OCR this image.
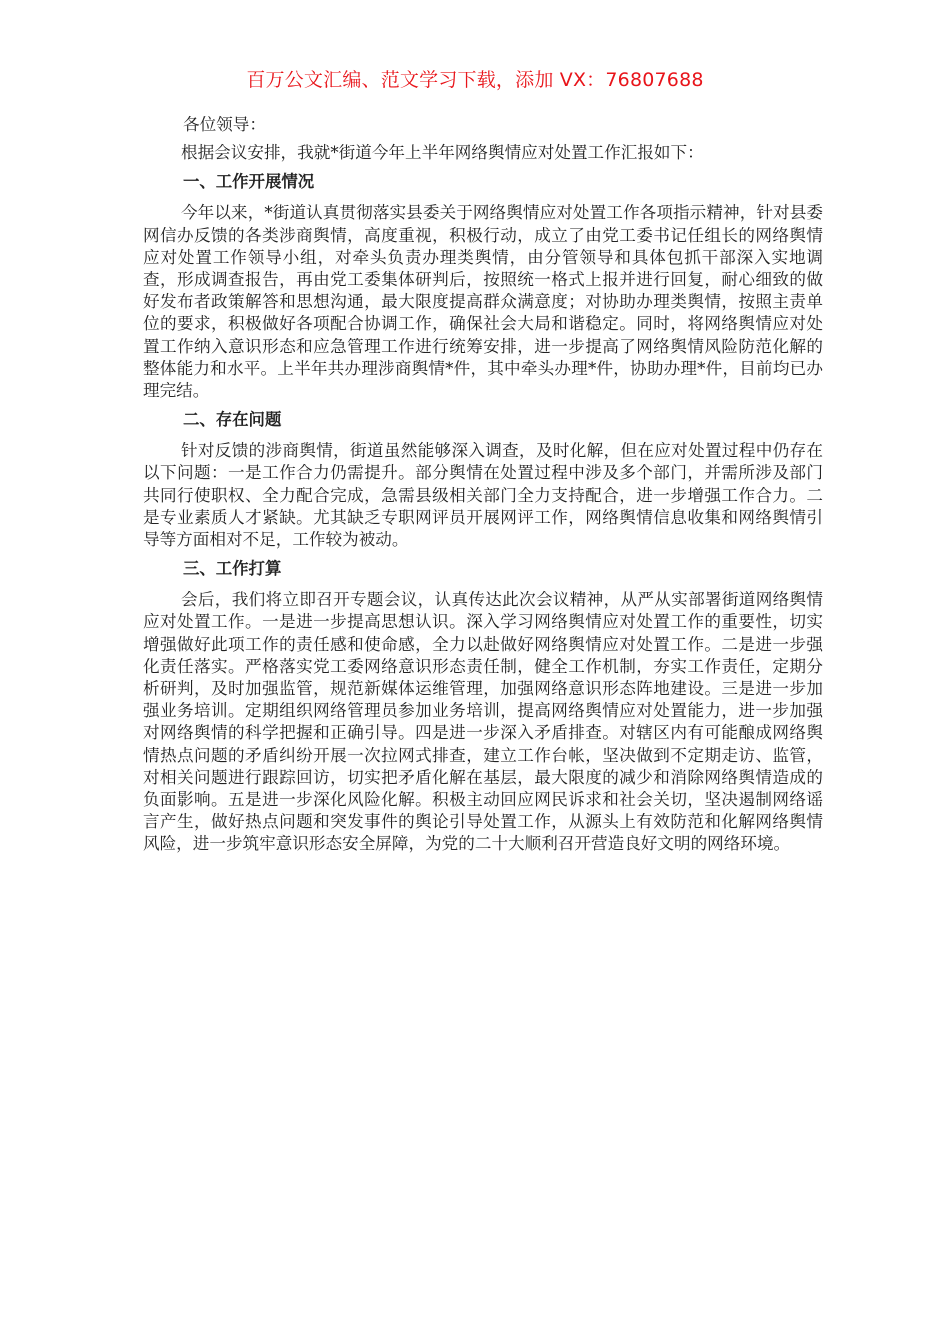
百万公文汇编、范文学习下载，添加 VX：76807688

各位领导：

根据会议安排，我就*街道今年上半年网络舆情应对处置工作汇报如下：

一、工作开展情况

今年以来，*街道认真贯彻落实县委关于网络舆情应对处置工作各项指示精神，针对县委网信办反馈的各类涉商舆情，高度重视，积极行动，成立了由党工委书记任组长的网络舆情应对处置工作领导小组，对牵头负责办理类舆情，由分管领导和具体包抓干部深入实地调查，形成调查报告，再由党工委集体研判后，按照统一格式上报并进行回复，耐心细致的做好发布者政策解答和思想沟通，最大限度提高群众满意度；对协助办理类舆情，按照主责单位的要求，积极做好各项配合协调工作，确保社会大局和谐稳定。同时，将网络舆情应对处置工作纳入意识形态和应急管理工作进行统筹安排，进一步提高了网络舆情风险防范化解的整体能力和水平。上半年共办理涉商舆情*件，其中牵头办理*件，协助办理*件，目前均已办理完结。

二、存在问题

针对反馈的涉商舆情，街道虽然能够深入调查，及时化解，但在应对处置过程中仍存在以下问题：一是工作合力仍需提升。部分舆情在处置过程中涉及多个部门，并需所涉及部门共同行使职权、全力配合完成，急需县级相关部门全力支持配合，进一步增强工作合力。二是专业素质人才紧缺。尤其缺乏专职网评员开展网评工作，网络舆情信息收集和网络舆情引导等方面相对不足，工作较为被动。

三、工作打算

会后，我们将立即召开专题会议，认真传达此次会议精神，从严从实部署街道网络舆情应对处置工作。一是进一步提高思想认识。深入学习网络舆情应对处置工作的重要性，切实增强做好此项工作的责任感和使命感，全力以赴做好网络舆情应对处置工作。二是进一步强化责任落实。严格落实党工委网络意识形态责任制，健全工作机制，夯实工作责任，定期分析研判，及时加强监管，规范新媒体运维管理，加强网络意识形态阵地建设。三是进一步加强业务培训。定期组织网络管理员参加业务培训，提高网络舆情应对处置能力，进一步加强对网络舆情的科学把握和正确引导。四是进一步深入矛盾排查。对辖区内有可能酿成网络舆情热点问题的矛盾纠纷开展一次拉网式排查，建立工作台帐，坚决做到不定期走访、监管，对相关问题进行跟踪回访，切实把矛盾化解在基层，最大限度的减少和消除网络舆情造成的负面影响。五是进一步深化风险化解。积极主动回应网民诉求和社会关切，坚决遏制网络谣言产生，做好热点问题和突发事件的舆论引导处置工作，从源头上有效防范和化解网络舆情风险，进一步筑牢意识形态安全屏障，为党的二十大顺利召开营造良好文明的网络环境。
